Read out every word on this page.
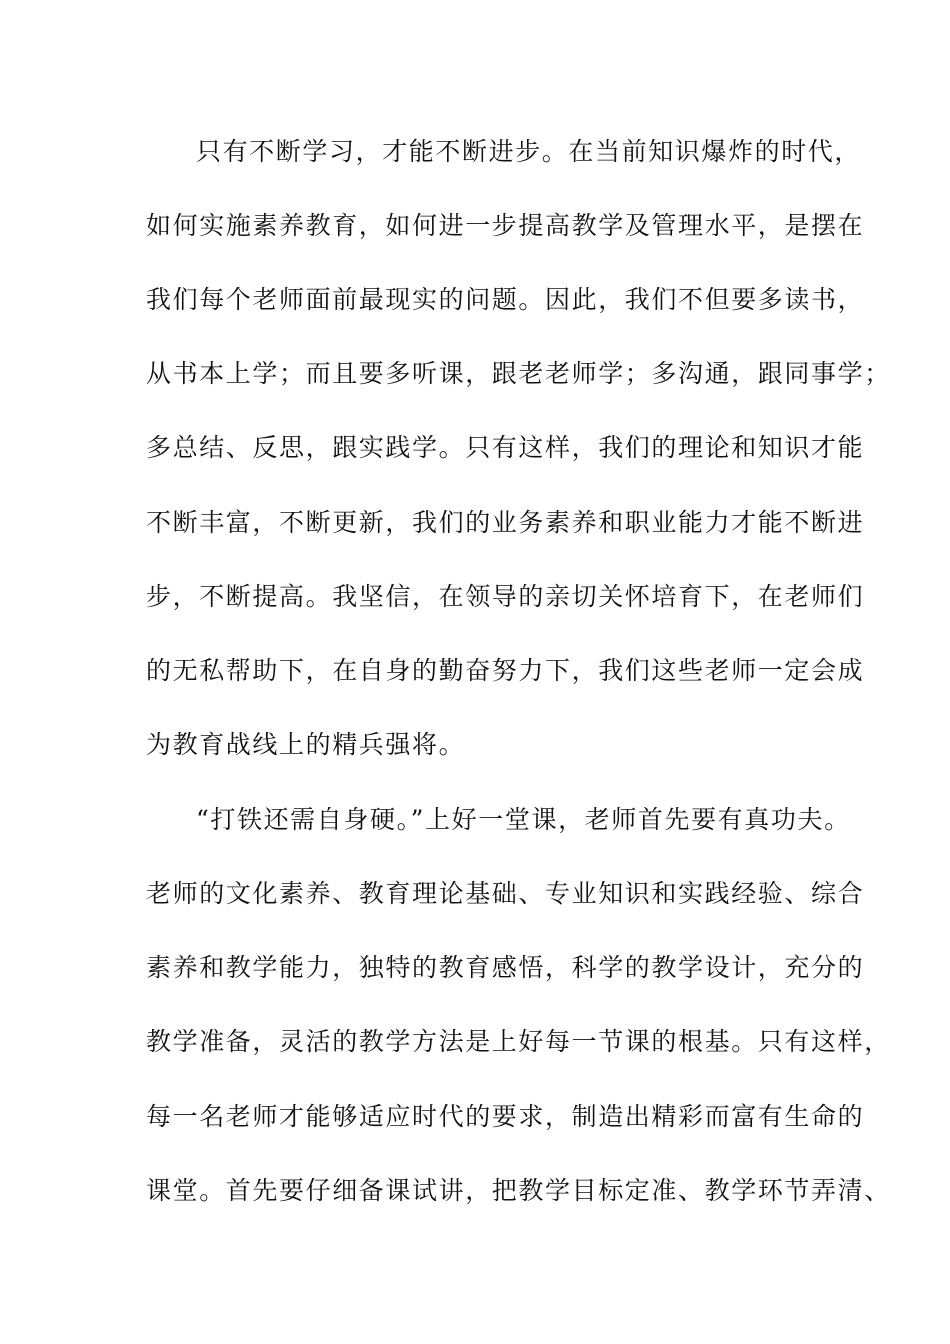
只有不断学习，才能不断进步。在当前知识爆炸的时代，
如何实施素养教育，如何进一步提高教学及管理水平，是摆在
我们每个老师面前最现实的问题。因此，我们不但要多读书，
从书本上学；而且要多听课，跟老老师学；多沟通，跟同事学；
多总结、反思，跟实践学。只有这样，我们的理论和知识才能
不断丰富，不断更新，我们的业务素养和职业能力才能不断进
步，不断提高。我坚信，在领导的亲切关怀培育下，在老师们
的无私帮助下，在自身的勤奋努力下，我们这些老师一定会成
为教育战线上的精兵强将。
“打铁还需自身硬。”上好一堂课，老师首先要有真功夫。
老师的文化素养、教育理论基础、专业知识和实践经验、综合
素养和教学能力，独特的教育感悟，科学的教学设计，充分的
教学准备，灵活的教学方法是上好每一节课的根基。只有这样，
每一名老师才能够适应时代的要求，制造出精彩而富有生命的
课堂。首先要仔细备课试讲，把教学目标定准、教学环节弄清、
